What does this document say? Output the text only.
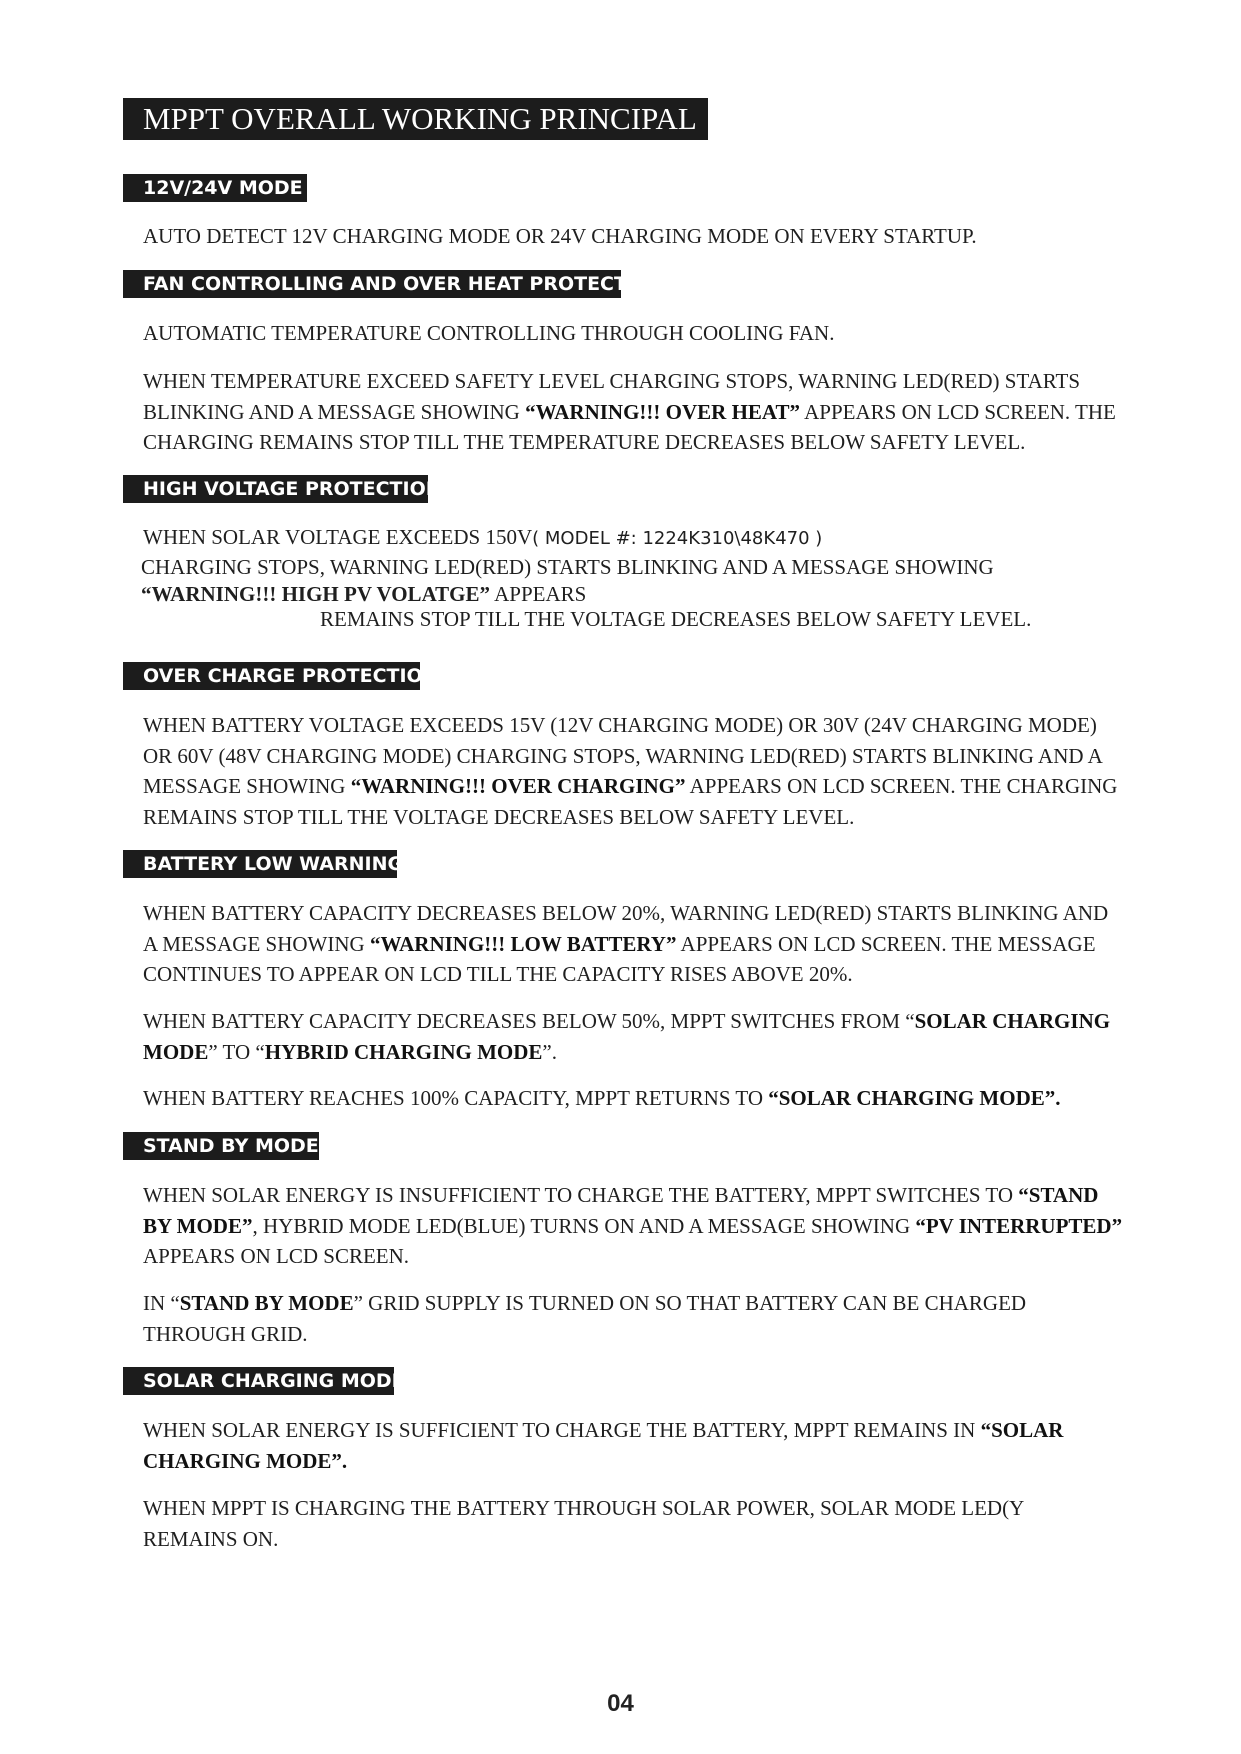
MPPT OVERALL WORKING PRINCIPAL
12V/24V MODE
AUTO DETECT 12V CHARGING MODE OR 24V CHARGING MODE ON EVERY STARTUP.
FAN CONTROLLING AND OVER HEAT PROTECTION
AUTOMATIC TEMPERATURE CONTROLLING THROUGH COOLING FAN.
WHEN TEMPERATURE EXCEED SAFETY LEVEL CHARGING STOPS, WARNING LED(RED) STARTS BLINKING AND A MESSAGE SHOWING “WARNING!!! OVER HEAT” APPEARS ON LCD SCREEN. THE CHARGING REMAINS STOP TILL THE TEMPERATURE DECREASES BELOW SAFETY LEVEL.
HIGH VOLTAGE PROTECTION
WHEN SOLAR VOLTAGE EXCEEDS 150V( MODEL #: 1224K310\48K470 )
CHARGING STOPS, WARNING LED(RED) STARTS BLINKING AND A MESSAGE SHOWING
“WARNING!!! HIGH PV VOLATGE” APPEARS
REMAINS STOP TILL THE VOLTAGE DECREASES BELOW SAFETY LEVEL.
OVER CHARGE PROTECTION
WHEN BATTERY VOLTAGE EXCEEDS 15V (12V CHARGING MODE) OR 30V (24V CHARGING MODE) OR 60V (48V CHARGING MODE) CHARGING STOPS, WARNING LED(RED) STARTS BLINKING AND A MESSAGE SHOWING “WARNING!!! OVER CHARGING” APPEARS ON LCD SCREEN. THE CHARGING REMAINS STOP TILL THE VOLTAGE DECREASES BELOW SAFETY LEVEL.
BATTERY LOW WARNING
WHEN BATTERY CAPACITY DECREASES BELOW 20%, WARNING LED(RED) STARTS BLINKING AND A MESSAGE SHOWING “WARNING!!! LOW BATTERY” APPEARS ON LCD SCREEN. THE MESSAGE CONTINUES TO APPEAR ON LCD TILL THE CAPACITY RISES ABOVE 20%.
WHEN BATTERY CAPACITY DECREASES BELOW 50%, MPPT SWITCHES FROM “SOLAR CHARGING MODE” TO “HYBRID CHARGING MODE”.
WHEN BATTERY REACHES 100% CAPACITY, MPPT RETURNS TO “SOLAR CHARGING MODE”.
STAND BY MODE
WHEN SOLAR ENERGY IS INSUFFICIENT TO CHARGE THE BATTERY, MPPT SWITCHES TO “STAND BY MODE”, HYBRID MODE LED(BLUE) TURNS ON AND A MESSAGE SHOWING “PV INTERRUPTED” APPEARS ON LCD SCREEN.
IN “STAND BY MODE” GRID SUPPLY IS TURNED ON SO THAT BATTERY CAN BE CHARGED THROUGH GRID.
SOLAR CHARGING MODE
WHEN SOLAR ENERGY IS SUFFICIENT TO CHARGE THE BATTERY, MPPT REMAINS IN “SOLAR CHARGING MODE”.
WHEN MPPT IS CHARGING THE BATTERY THROUGH SOLAR POWER, SOLAR MODE LED(Y REMAINS ON.
04
